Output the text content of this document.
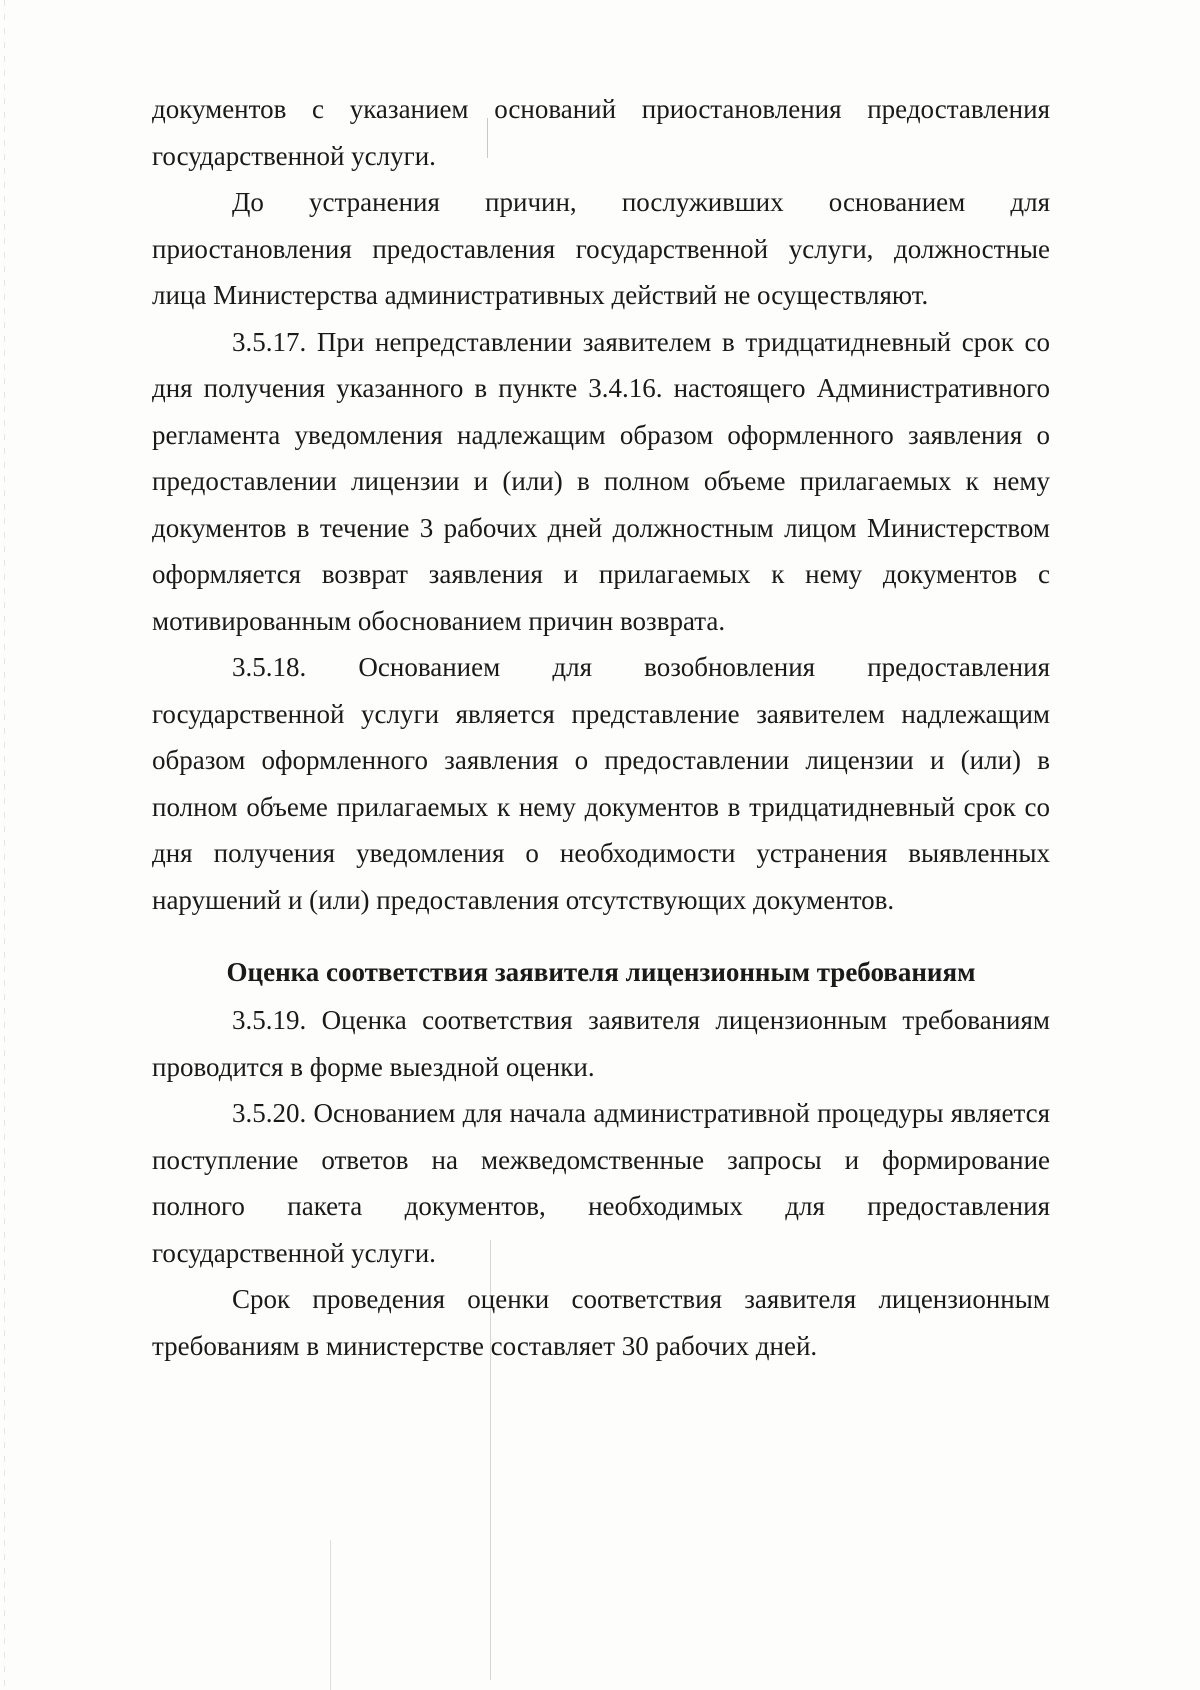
документов с указанием оснований приостановления предоставления государственной услуги.

До устранения причин, послуживших основанием для приостановления предоставления государственной услуги, должностные лица Министерства административных действий не осуществляют.

3.5.17. При непредставлении заявителем в тридцатидневный срок со дня получения указанного в пункте 3.4.16. настоящего Административного регламента уведомления надлежащим образом оформленного заявления о предоставлении лицензии и (или) в полном объеме прилагаемых к нему документов в течение 3 рабочих дней должностным лицом Министерством оформляется возврат заявления и прилагаемых к нему документов с мотивированным обоснованием причин возврата.

3.5.18. Основанием для возобновления предоставления государственной услуги является представление заявителем надлежащим образом оформленного заявления о предоставлении лицензии и (или) в полном объеме прилагаемых к нему документов в тридцатидневный срок со дня получения уведомления о необходимости устранения выявленных нарушений и (или) предоставления отсутствующих документов.

Оценка соответствия заявителя лицензионным требованиям

3.5.19. Оценка соответствия заявителя лицензионным требованиям проводится в форме выездной оценки.

3.5.20. Основанием для начала административной процедуры является поступление ответов на межведомственные запросы и формирование полного пакета документов, необходимых для предоставления государственной услуги.

Срок проведения оценки соответствия заявителя лицензионным требованиям в министерстве составляет 30 рабочих дней.
